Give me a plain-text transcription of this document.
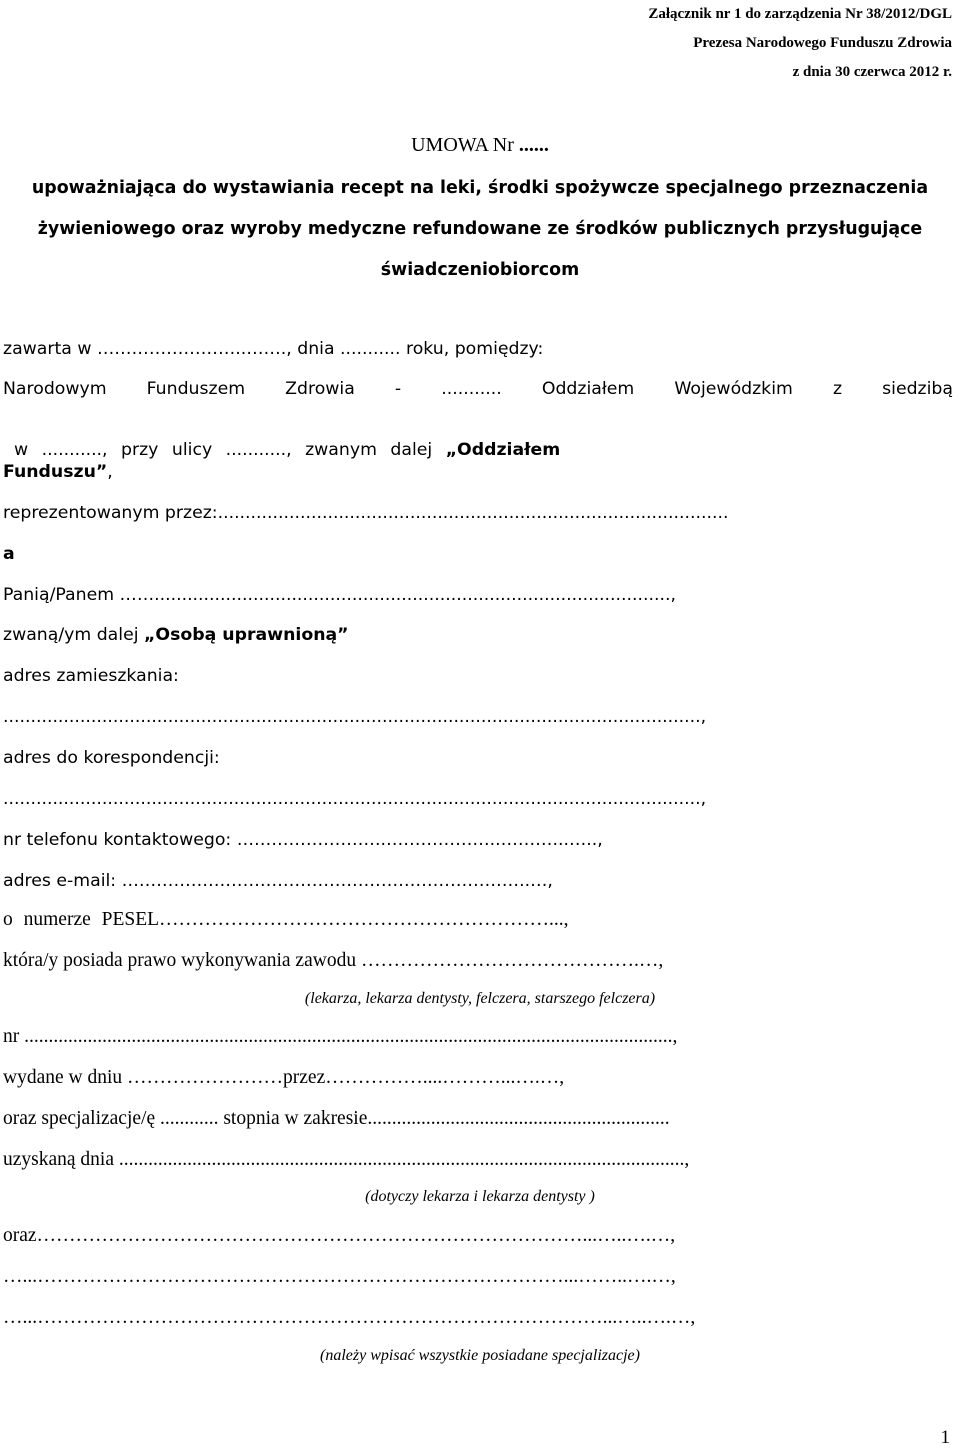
Załącznik nr 1 do zarządzenia Nr 38/2012/DGL
Prezesa Narodowego Funduszu Zdrowia
z dnia 30 czerwca 2012 r.
UMOWA Nr ......
upoważniająca do wystawiania recept na leki, środki spożywcze specjalnego przeznaczenia
żywieniowego oraz wyroby medyczne refundowane ze środków publicznych przysługujące
świadczeniobiorcom
zawarta w ……………………..……., dnia ........... roku, pomiędzy:
Narodowym Funduszem Zdrowia - ........... Oddziałem Wojewódzkim z siedzibą

w ..........., przy ulicy ..........., zwanym dalej „Oddziałem

Funduszu”,
reprezentowanym przez:.............................................................................................
a
Panią/Panem ……..............................................................................................,
zwaną/ym dalej „Osobą uprawnioną”
adres zamieszkania:
...............................................................................................................................,
adres do korespondencji:
...............................................................................................................................,
nr telefonu kontaktowego: ……………………..………………..………...…..,
adres e-mail: ……………………………………………………………..…,
o numerze PESEL……………………………………………………...,
która/y posiada prawo wykonywania zawodu …………………………………….…,
(lekarza, lekarza dentysty, felczera, starszego felczera)
nr .....................................................................................................................................,
wydane w dniu ……………………przez……………....………...….…,
oraz specjalizacje/ę ............ stopnia w zakresie..............................................................
uzyskaną dnia ....................................................................................................................,
(dotyczy lekarza i lekarza dentysty )
oraz…………………………………………………………………………...…..….…,
…...………………………………………………………………………...……..….…,
…...……………………………………………………………………………...…..….…,
(należy wpisać wszystkie posiadane specjalizacje)
1
